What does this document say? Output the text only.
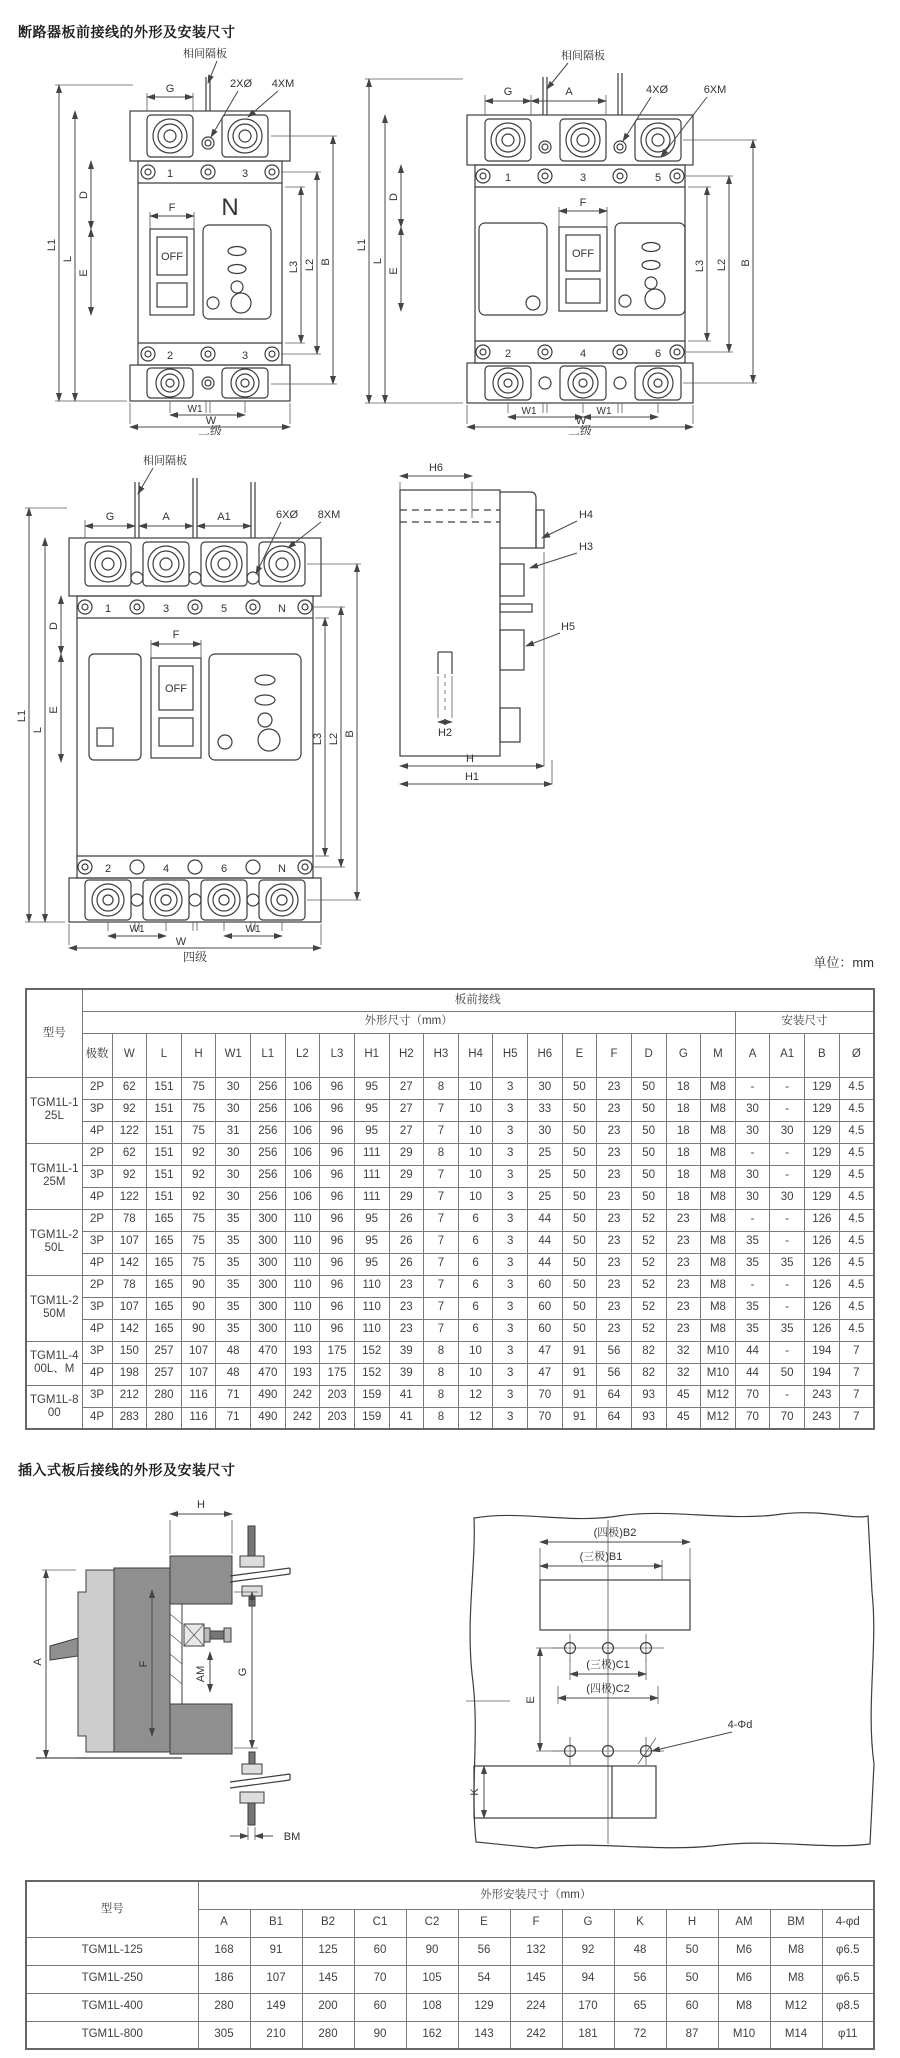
断路器板前接线的外形及安装尺寸
相间隔板
G	2XØ 4XM
1	3
N
F
OFF
2	3
L1
L
D
E	L3 L2 B
W1
W
二级
相间隔板
G	A	4XØ	6XM
1	3	5
F
OFF
2	4	6
L1
L
D
E	L3 L2 B
W1	W1
W
二级
相间隔板
G	A	A1	6XØ 8XM
1	3	5	N
F
OFF
2	4	6	N
L1
L
D
E
L3 L2 B
W1	W1
W
四级
H6
H4
H3
H5
H2
H
H1
单位：mm
型号	板前接线																						
	外形尺寸（mm）																			安装尺寸			
	极数	W	L	H	W1	L1	L2	L3	H1	H2	H3	H4	H5	H6	E	F	D	G	M	A	A1	B	Ø
TGM1L-125L	2P	62	151	75	30	256	106	96	95	27	8	10	3	30	50	23	50	18	M8	-	-	129	4.5
	3P	92	151	75	30	256	106	96	95	27	7	10	3	33	50	23	50	18	M8	30	-	129	4.5
	4P	122	151	75	31	256	106	96	95	27	7	10	3	30	50	23	50	18	M8	30	30	129	4.5
TGM1L-125M	2P	62	151	92	30	256	106	96	111	29	8	10	3	25	50	23	50	18	M8	-	-	129	4.5
	3P	92	151	92	30	256	106	96	111	29	7	10	3	25	50	23	50	18	M8	30	-	129	4.5
	4P	122	151	92	30	256	106	96	111	29	7	10	3	25	50	23	50	18	M8	30	30	129	4.5
TGM1L-250L	2P	78	165	75	35	300	110	96	95	26	7	6	3	44	50	23	52	23	M8	-	-	126	4.5
	3P	107	165	75	35	300	110	96	95	26	7	6	3	44	50	23	52	23	M8	35	-	126	4.5
	4P	142	165	75	35	300	110	96	95	26	7	6	3	44	50	23	52	23	M8	35	35	126	4.5
TGM1L-250M	2P	78	165	90	35	300	110	96	110	23	7	6	3	60	50	23	52	23	M8	-	-	126	4.5
	3P	107	165	90	35	300	110	96	110	23	7	6	3	60	50	23	52	23	M8	35	-	126	4.5
	4P	142	165	90	35	300	110	96	110	23	7	6	3	60	50	23	52	23	M8	35	35	126	4.5
TGM1L-400L、M	3P	150	257	107	48	470	193	175	152	39	8	10	3	47	91	56	82	32	M10	44	-	194	7
	4P	198	257	107	48	470	193	175	152	39	8	10	3	47	91	56	82	32	M10	44	50	194	7
TGM1L-800	3P	212	280	116	71	490	242	203	159	41	8	12	3	70	91	64	93	45	M12	70	-	243	7
	4P	283	280	116	71	490	242	203	159	41	8	12	3	70	91	64	93	45	M12	70	70	243	7
插入式板后接线的外形及安装尺寸
H
A	F
AM	G
BM
(四极)B2
(三极)B1
(三极)C1
(四极)C2
E
K
4-Φd
型号	外形安装尺寸（mm）												
	A	B1	B2	C1	C2	E	F	G	K	H	AM	BM	4-φd
TGM1L-125	168	91	125	60	90	56	132	92	48	50	M6	M8	φ6.5
TGM1L-250	186	107	145	70	105	54	145	94	56	50	M6	M8	φ6.5
TGM1L-400	280	149	200	60	108	129	224	170	65	60	M8	M12	φ8.5
TGM1L-800	305	210	280	90	162	143	242	181	72	87	M10	M14	φ11
